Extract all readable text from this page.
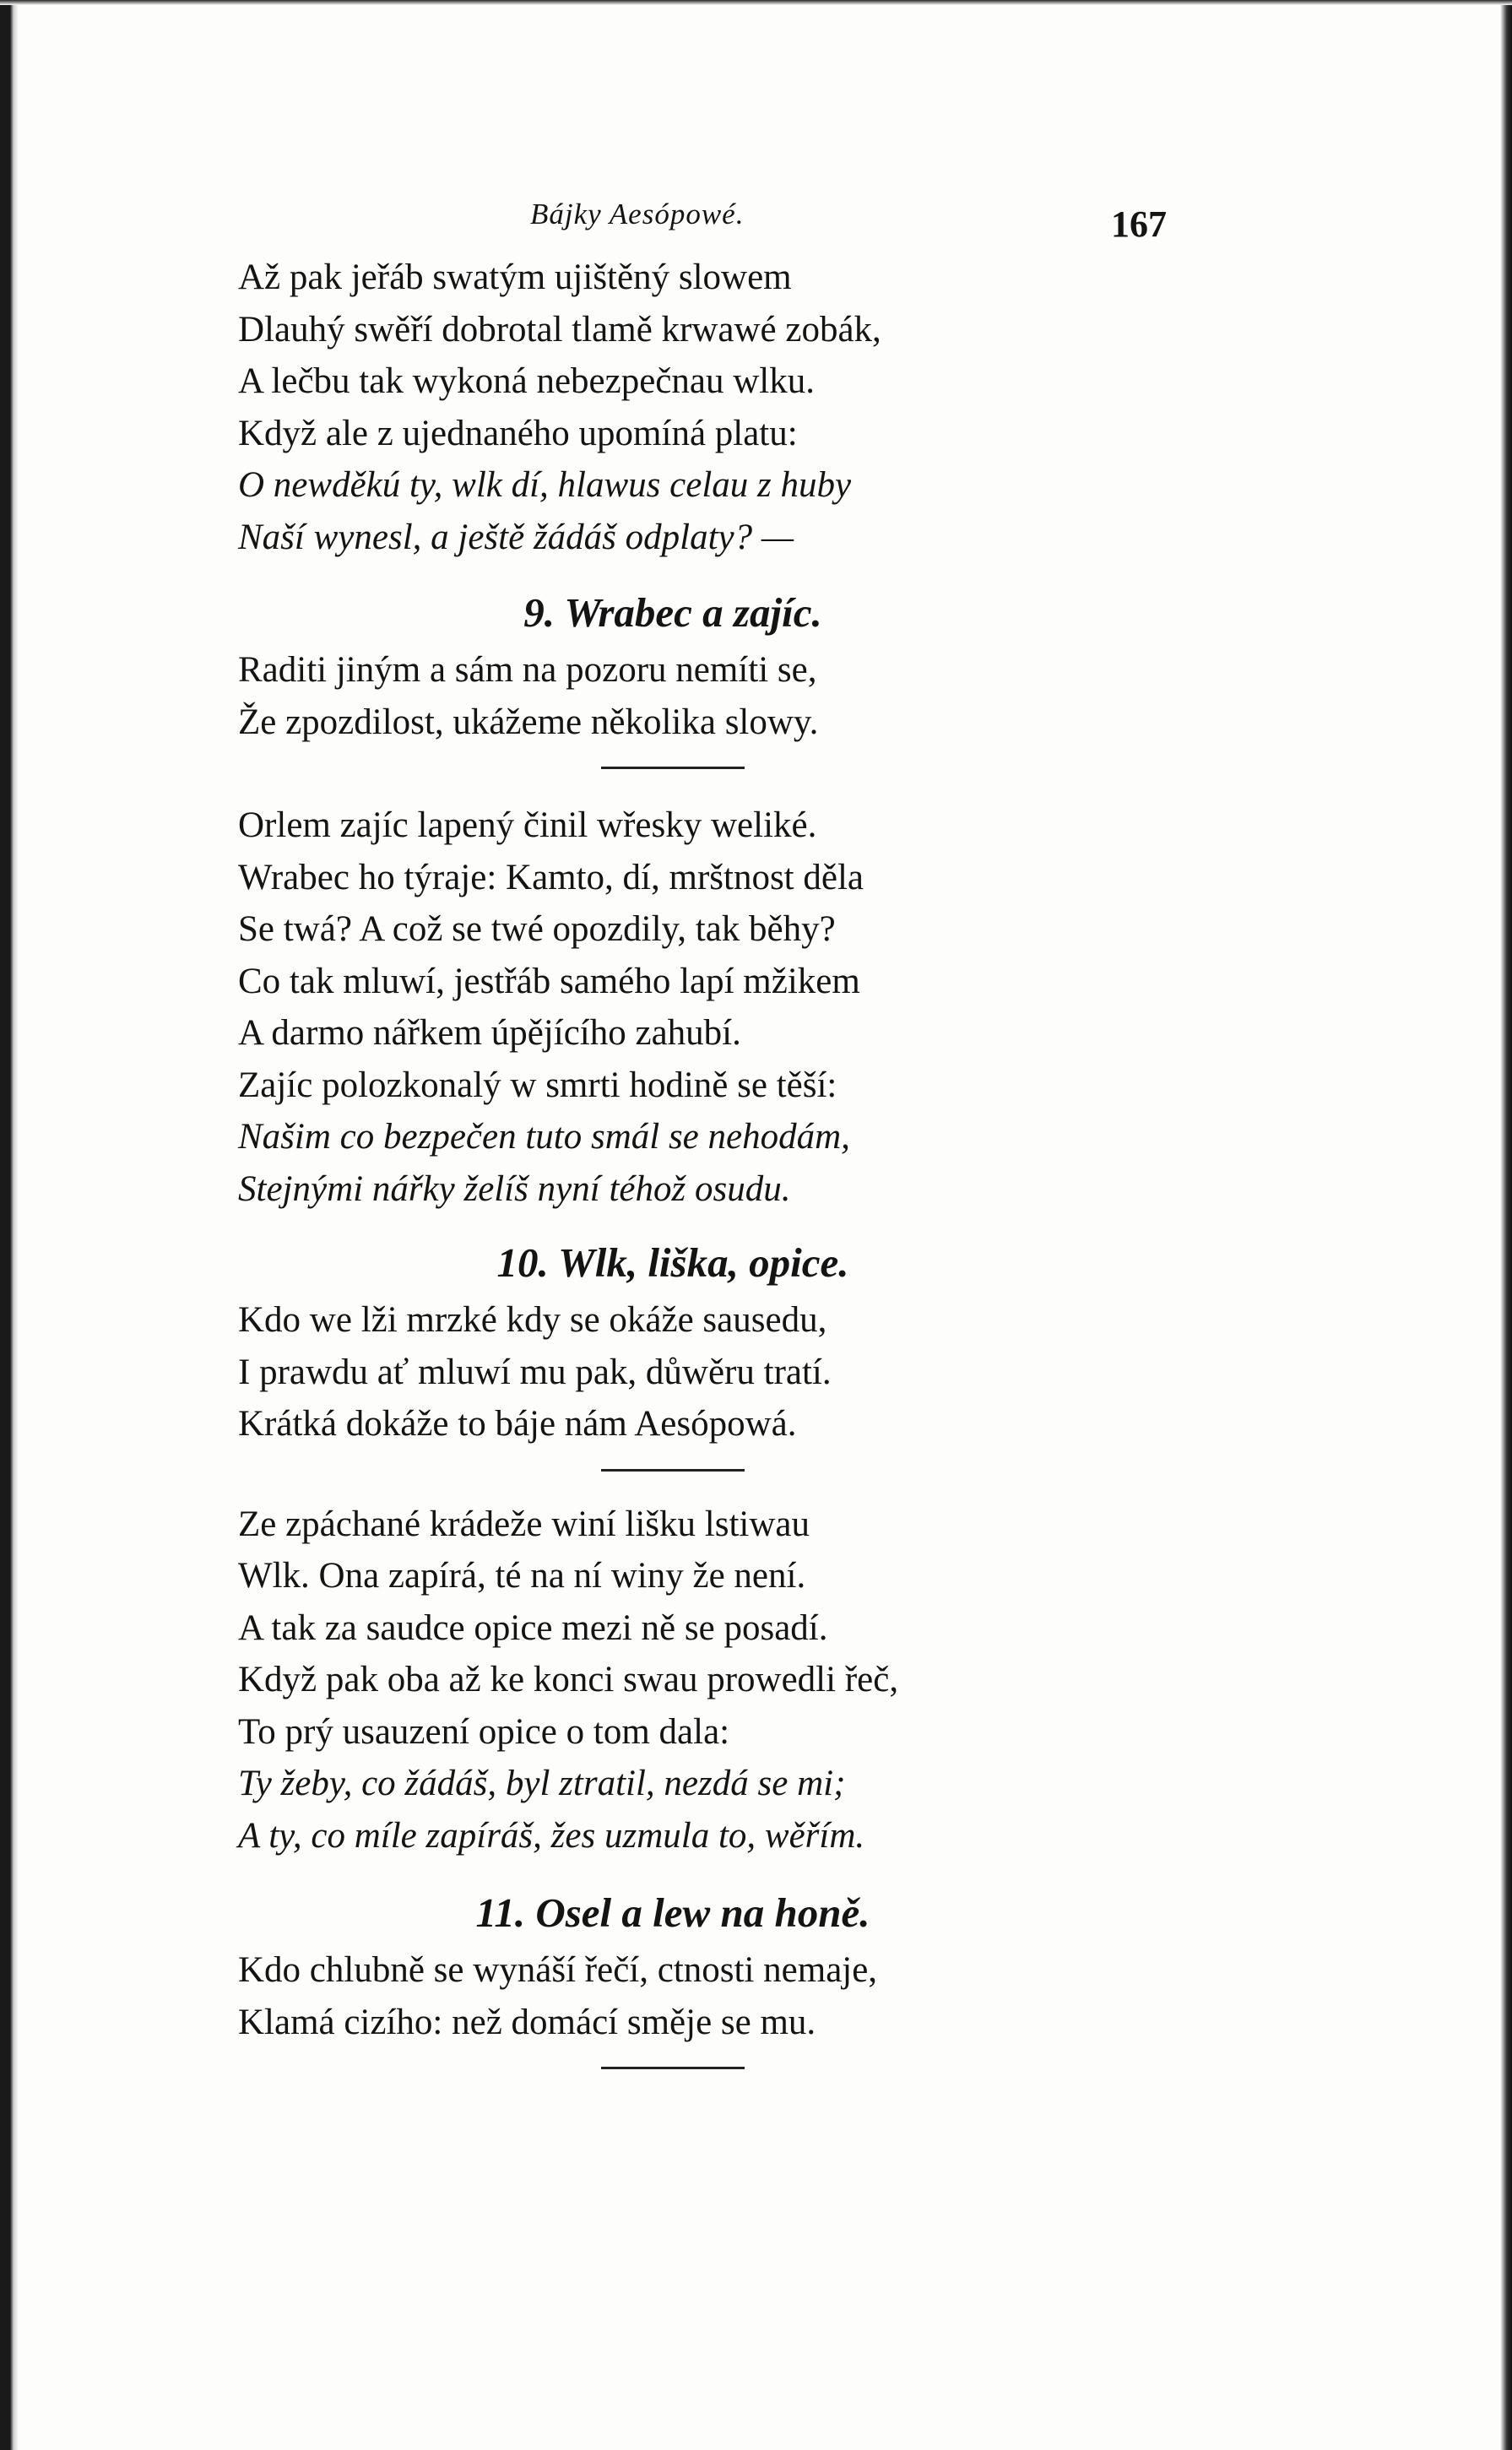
Bájky Aesópowé.	167
Až pak jeřáb swatým ujištěný slowem
Dlauhý swěří dobrotal tlamě krwawé zobák,
A lečbu tak wykoná nebezpečnau wlku.
Když ale z ujednaného upomíná platu:
O newděkú ty, wlk dí, hlawus celau z huby
Naší wynesl, a ještě žádáš odplaty? —
9. Wrabec a zajíc.
Raditi jiným a sám na pozoru nemíti se,
Že zpozdilost, ukážeme několika slowy.
Orlem zajíc lapený činil wřesky weliké.
Wrabec ho týraje: Kamto, dí, mrštnost děla
Se twá? A což se twé opozdily, tak běhy?
Co tak mluwí, jestřáb samého lapí mžikem
A darmo nářkem úpějícího zahubí.
Zajíc polozkonalý w smrti hodině se těší:
Našim co bezpečen tuto smál se nehodám,
Stejnými nářky želíš nyní téhož osudu.
10. Wlk, liška, opice.
Kdo we lži mrzké kdy se okáže sausedu,
I prawdu ať mluwí mu pak, důwěru tratí.
Krátká dokáže to báje nám Aesópowá.
Ze zpáchané krádeže winí lišku lstiwau
Wlk. Ona zapírá, té na ní winy že není.
A tak za saudce opice mezi ně se posadí.
Když pak oba až ke konci swau prowedli řeč,
To prý usauzení opice o tom dala:
Ty žeby, co žádáš, byl ztratil, nezdá se mi;
A ty, co míle zapíráš, žes uzmula to, wěřím.
11. Osel a lew na honě.
Kdo chlubně se wynáší řečí, ctnosti nemaje,
Klamá cizího: než domácí směje se mu.
